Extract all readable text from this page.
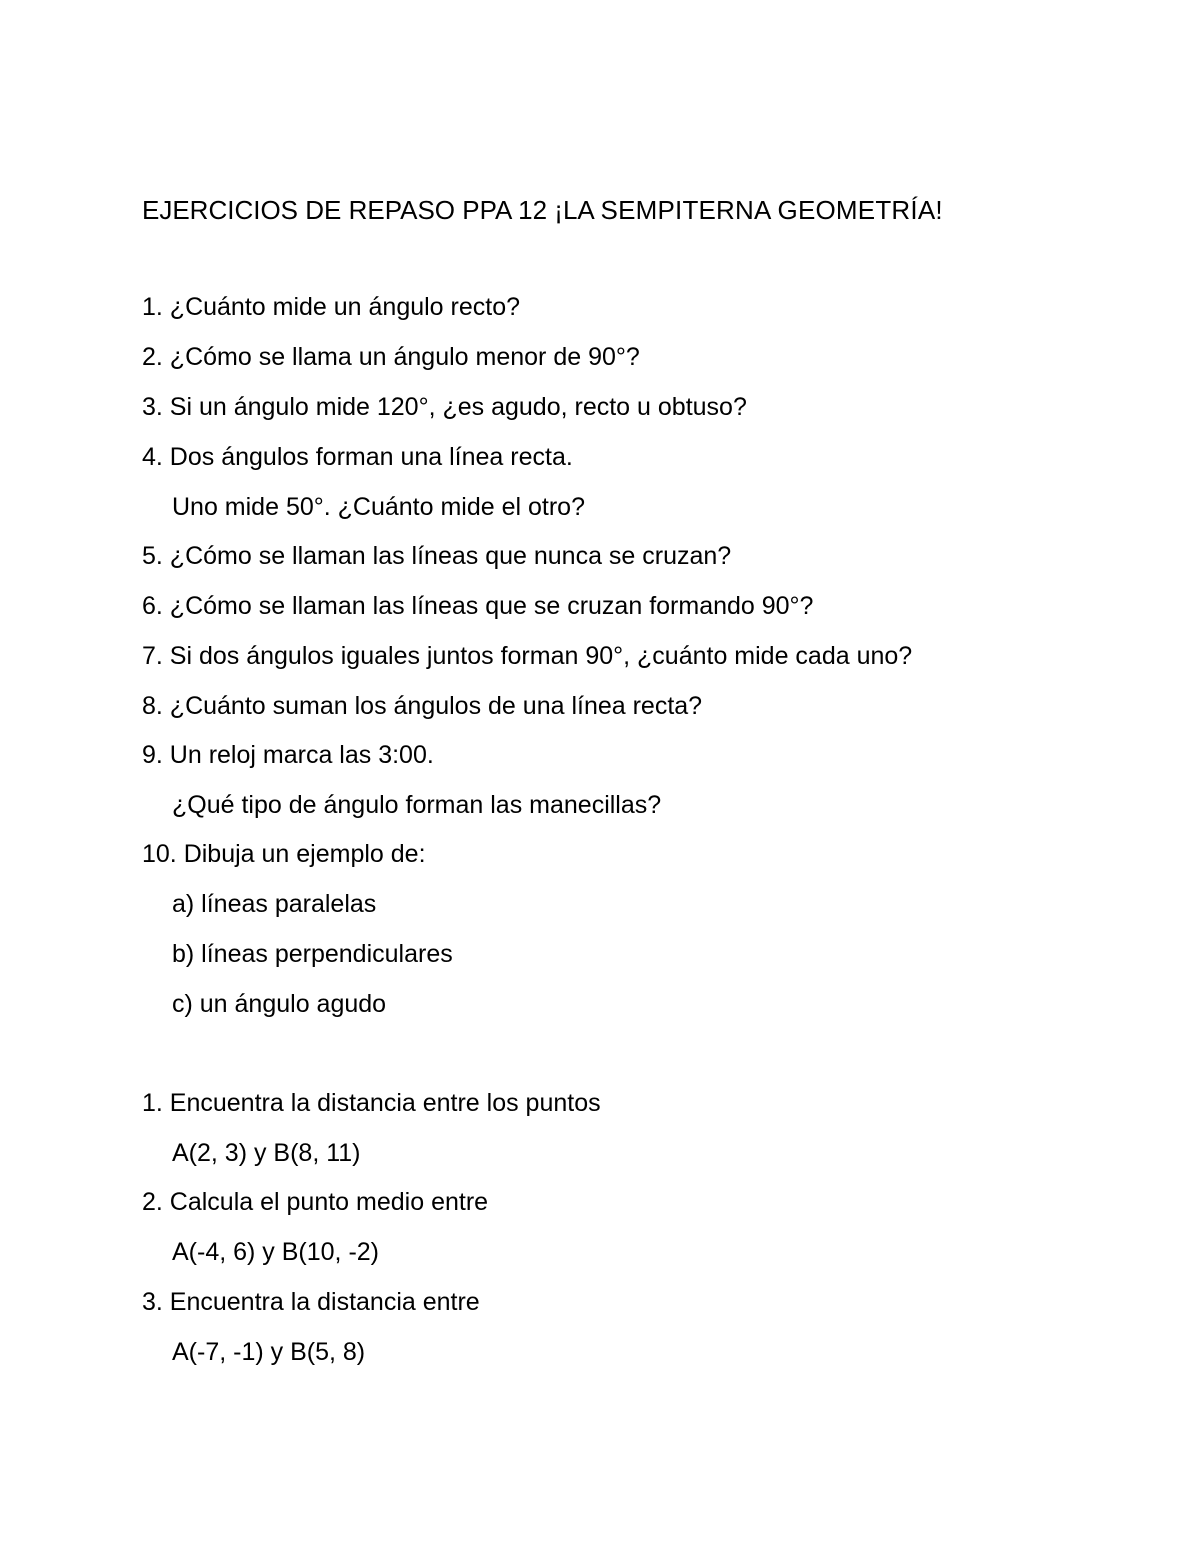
EJERCICIOS DE REPASO PPA 12 ¡LA SEMPITERNA GEOMETRÍA!
1. ¿Cuánto mide un ángulo recto?
2. ¿Cómo se llama un ángulo menor de 90°?
3. Si un ángulo mide 120°, ¿es agudo, recto u obtuso?
4. Dos ángulos forman una línea recta.
Uno mide 50°. ¿Cuánto mide el otro?
5. ¿Cómo se llaman las líneas que nunca se cruzan?
6. ¿Cómo se llaman las líneas que se cruzan formando 90°?
7. Si dos ángulos iguales juntos forman 90°, ¿cuánto mide cada uno?
8. ¿Cuánto suman los ángulos de una línea recta?
9. Un reloj marca las 3:00.
¿Qué tipo de ángulo forman las manecillas?
10. Dibuja un ejemplo de:
a) líneas paralelas
b) líneas perpendiculares
c) un ángulo agudo
1. Encuentra la distancia entre los puntos
A(2, 3) y B(8, 11)
2. Calcula el punto medio entre
A(-4, 6) y B(10, -2)
3. Encuentra la distancia entre
A(-7, -1) y B(5, 8)
